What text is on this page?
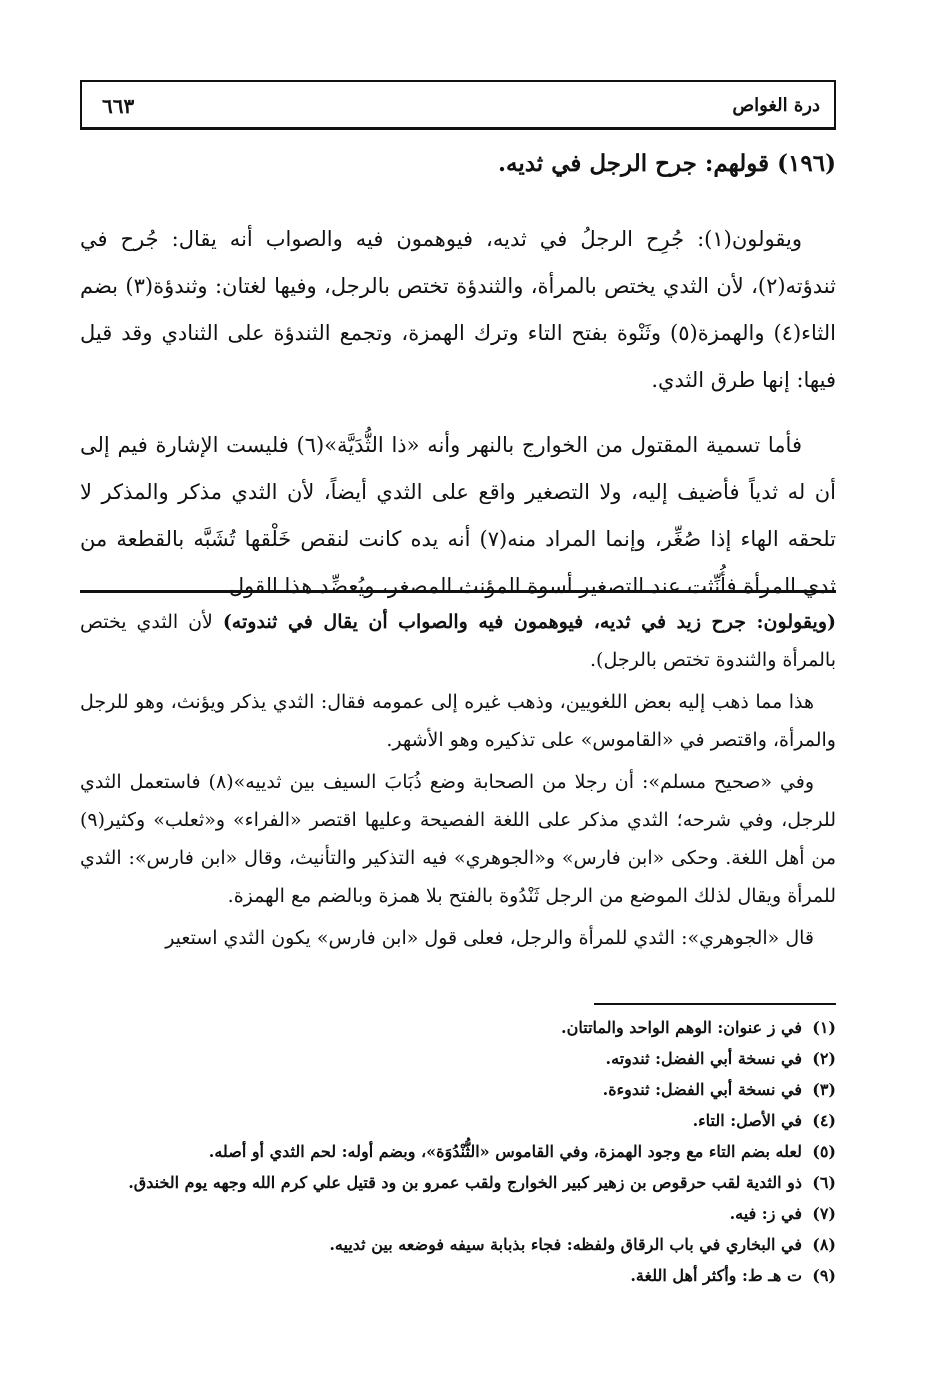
درة الغواص
٦٦٣
(١٩٦) قولهم: جرح الرجل في ثديه.

ويقولون(١): جُرِح الرجلُ في ثديه، فيوهمون فيه والصواب أنه يقال: جُرح في ثندؤته(٢)، لأن الثدي يختص بالمرأة، والثندؤة تختص بالرجل، وفيها لغتان: وثندؤة(٣) بضم الثاء(٤) والهمزة(٥) وثَنْوة بفتح التاء وترك الهمزة، وتجمع الثندؤة على الثنادي وقد قيل فيها: إنها طرق الثدي.

فأما تسمية المقتول من الخوارج بالنهر وأنه «ذا الثُّدَيَّة»(٦) فليست الإشارة فيم إلى أن له ثدياً فأضيف إليه، ولا التصغير واقع على الثدي أيضاً، لأن الثدي مذكر والمذكر لا تلحقه الهاء إذا صُغِّر، وإنما المراد منه(٧) أنه يده كانت لنقص خَلْقها تُشَبَّه بالقطعة من ثدي المرأة فأُنِّثت عند التصغير أسوة المؤنث المصغر، ويُعضِّد هذا القول

(ويقولون: جرح زيد في ثديه، فيوهمون فيه والصواب أن يقال في ثندوته) لأن الثدي يختص بالمرأة والثندوة تختص بالرجل).

هذا مما ذهب إليه بعض اللغويين، وذهب غيره إلى عمومه فقال: الثدي يذكر ويؤنث، وهو للرجل والمرأة، واقتصر في «القاموس» على تذكيره وهو الأشهر.

وفي «صحيح مسلم»: أن رجلا من الصحابة وضع ذُبَابَ السيف بين ثدييه»(٨) فاستعمل الثدي للرجل، وفي شرحه؛ الثدي مذكر على اللغة الفصيحة وعليها اقتصر «الفراء» و«ثعلب» وكثير(٩) من أهل اللغة. وحكى «ابن فارس» و«الجوهري» فيه التذكير والتأنيث، وقال «ابن فارس»: الثدي للمرأة ويقال لذلك الموضع من الرجل ثَنْدُوة بالفتح بلا همزة وبالضم مع الهمزة.

قال «الجوهري»: الثدي للمرأة والرجل، فعلى قول «ابن فارس» يكون الثدي استعير

(١)
في ز عنوان: الوهم الواحد والماتتان.
(٢)
في نسخة أبي الفضل: ثندوته.
(٣)
في نسخة أبي الفضل: ثندوءة.
(٤)
في الأصل: التاء.
(٥)
لعله بضم التاء مع وجود الهمزة، وفي القاموس «الثُّنْدُوَة»، وبضم أوله: لحم الثدي أو أصله.
(٦)
ذو الثدية لقب حرقوص بن زهير كبير الخوارج ولقب عمرو بن ود قتيل علي كرم الله وجهه يوم الخندق.
(٧)
في ز: فيه.
(٨)
في البخاري في باب الرقاق ولفظه: فجاء بذبابة سيفه فوضعه بين ثدييه.
(٩)
ت هـ ط: وأكثر أهل اللغة.
